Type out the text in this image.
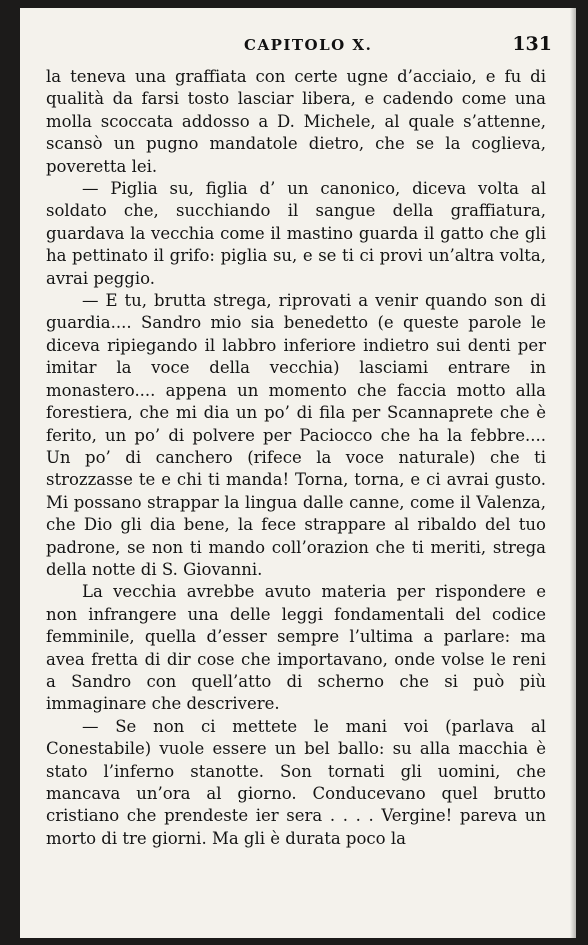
CAPITOLO X.	131

la teneva una graffiata con certe ugne d’acciaio, e fu di qualità da farsi tosto lasciar libera, e cadendo come una molla scoccata addosso a D. Michele, al quale s’attenne, scansò un pugno mandatole dietro, che se la coglieva, poveretta lei.

— Piglia su, figlia d’ un canonico, diceva volta al soldato che, succhiando il sangue della graffiatura, guardava la vecchia come il mastino guarda il gatto che gli ha pettinato il grifo: piglia su, e se ti ci provi un’altra volta, avrai peggio.

— E tu, brutta strega, riprovati a venir quando son di guardia.... Sandro mio sia benedetto (e queste parole le diceva ripiegando il labbro inferiore indietro sui denti per imitar la voce della vecchia) lasciami entrare in monastero.... appena un momento che faccia motto alla forestiera, che mi dia un po’ di fila per Scannaprete che è ferito, un po’ di polvere per Paciocco che ha la febbre.... Un po’ di canchero (rifece la voce naturale) che ti strozzasse te e chi ti manda! Torna, torna, e ci avrai gusto. Mi possano strappar la lingua dalle canne, come il Valenza, che Dio gli dia bene, la fece strappare al ribaldo del tuo padrone, se non ti mando coll’orazion che ti meriti, strega della notte di S. Giovanni.

La vecchia avrebbe avuto materia per rispondere e non infrangere una delle leggi fondamentali del codice femminile, quella d’esser sempre l’ultima a parlare: ma avea fretta di dir cose che importavano, onde volse le reni a Sandro con quell’atto di scherno che si può più immaginare che descrivere.

— Se non ci mettete le mani voi (parlava al Conestabile) vuole essere un bel ballo: su alla macchia è stato l’inferno stanotte. Son tornati gli uomini, che mancava un’ora al giorno. Conducevano quel brutto cristiano che prendeste ier sera . . . . Vergine! pareva un morto di tre giorni. Ma gli è durata poco la
